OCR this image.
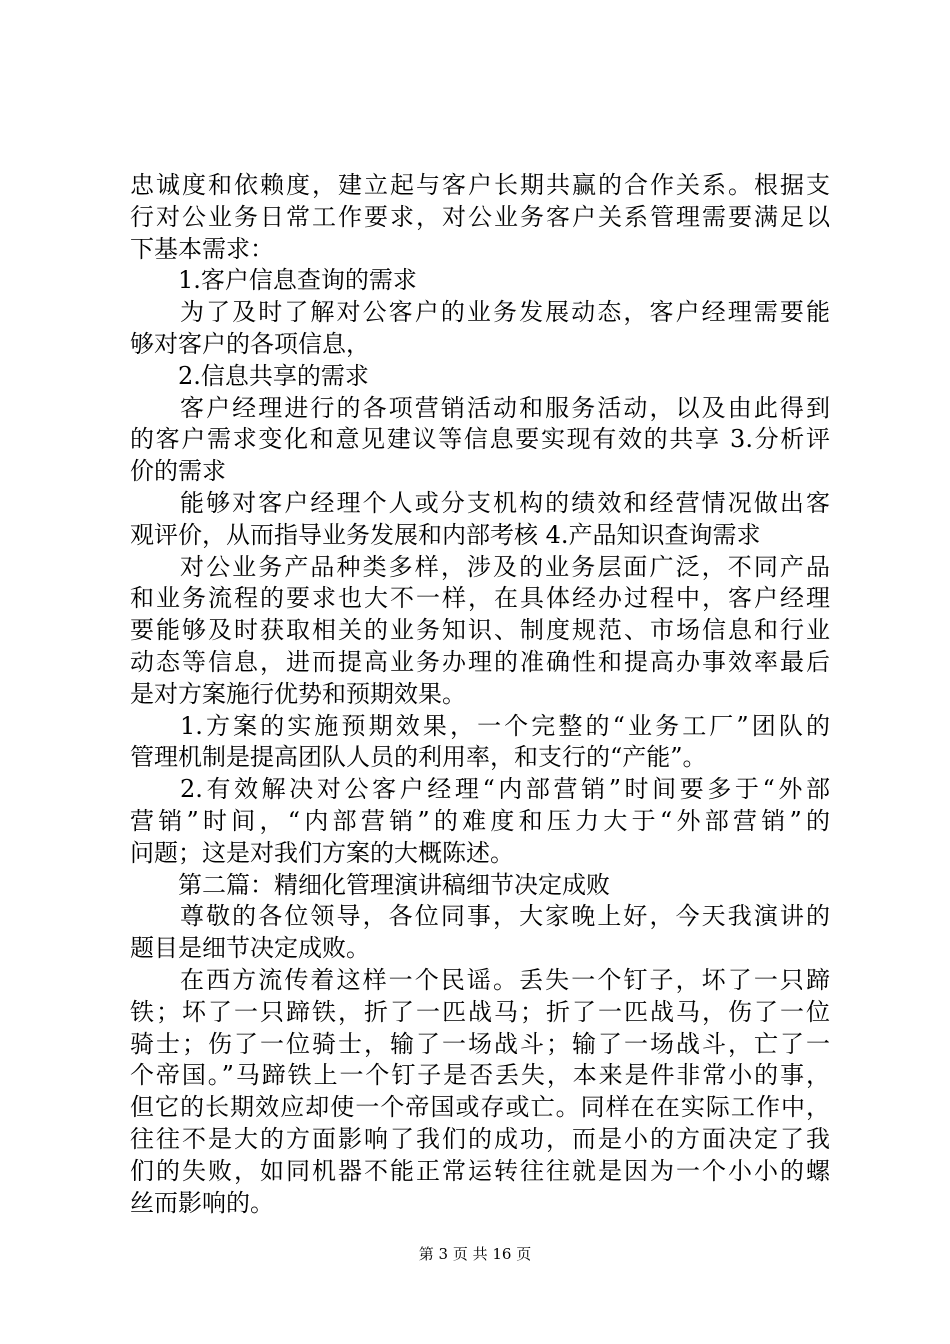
忠诚度和依赖度，建立起与客户长期共赢的合作关系。根据支
行对公业务日常工作要求，对公业务客户关系管理需要满足以
下基本需求：
1.客户信息查询的需求
为了及时了解对公客户的业务发展动态，客户经理需要能
够对客户的各项信息，
2.信息共享的需求
客户经理进行的各项营销活动和服务活动，以及由此得到
的客户需求变化和意见建议等信息要实现有效的共享 3.分析评
价的需求
能够对客户经理个人或分支机构的绩效和经营情况做出客
观评价，从而指导业务发展和内部考核 4.产品知识查询需求
对公业务产品种类多样，涉及的业务层面广泛，不同产品
和业务流程的要求也大不一样，在具体经办过程中，客户经理
要能够及时获取相关的业务知识、制度规范、市场信息和行业
动态等信息，进而提高业务办理的准确性和提高办事效率最后
是对方案施行优势和预期效果。
1.方案的实施预期效果，一个完整的“业务工厂”团队的
管理机制是提高团队人员的利用率，和支行的“产能”。
2.有效解决对公客户经理“内部营销”时间要多于“外部
营销”时间，“内部营销”的难度和压力大于“外部营销”的
问题；这是对我们方案的大概陈述。
第二篇：精细化管理演讲稿细节决定成败
尊敬的各位领导，各位同事，大家晚上好，今天我演讲的
题目是细节决定成败。
在西方流传着这样一个民谣。丢失一个钉子，坏了一只蹄
铁；坏了一只蹄铁，折了一匹战马；折了一匹战马，伤了一位
骑士；伤了一位骑士，输了一场战斗；输了一场战斗，亡了一
个帝国。”马蹄铁上一个钉子是否丢失，本来是件非常小的事，
但它的长期效应却使一个帝国或存或亡。同样在在实际工作中，
往往不是大的方面影响了我们的成功，而是小的方面决定了我
们的失败，如同机器不能正常运转往往就是因为一个小小的螺
丝而影响的。
第 3 页 共 16 页
